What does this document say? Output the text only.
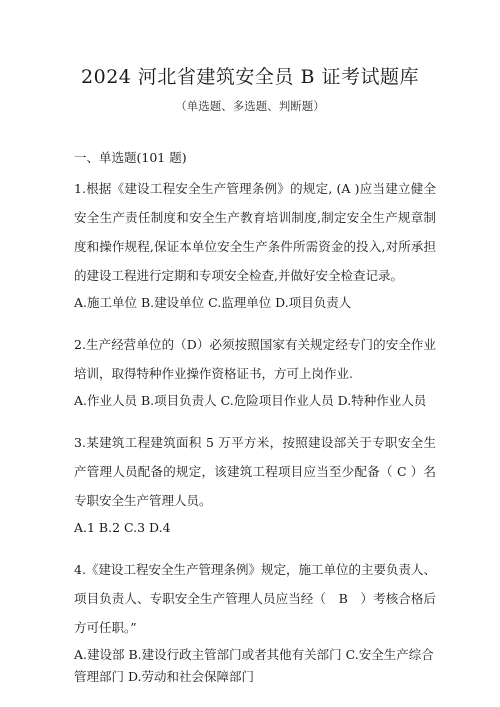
2024 河北省建筑安全员 B 证考试题库
（单选题、多选题、判断题）
一、单选题(101 题)
1.根据《建设工程安全生产管理条例》的规定, (A )应当建立健全安全生产责任制度和安全生产教育培训制度,制定安全生产规章制度和操作规程,保证本单位安全生产条件所需资金的投入,对所承担的建设工程进行定期和专项安全检查,并做好安全检查记录。
A.施工单位 B.建设单位 C.监理单位 D.项目负责人
2.生产经营单位的（D）必须按照国家有关规定经专门的安全作业培训，取得特种作业操作资格证书，方可上岗作业.
A.作业人员 B.项目负责人 C.危险项目作业人员 D.特种作业人员
3.某建筑工程建筑面积 5 万平方米，按照建设部关于专职安全生产管理人员配备的规定，该建筑工程项目应当至少配备（ C ）名专职安全生产管理人员。
A.1 B.2 C.3 D.4
4.《建设工程安全生产管理条例》规定，施工单位的主要负责人、项目负责人、专职安全生产管理人员应当经（　B　）考核合格后方可任职。”
A.建设部 B.建设行政主管部门或者其他有关部门 C.安全生产综合管理部门 D.劳动和社会保障部门
